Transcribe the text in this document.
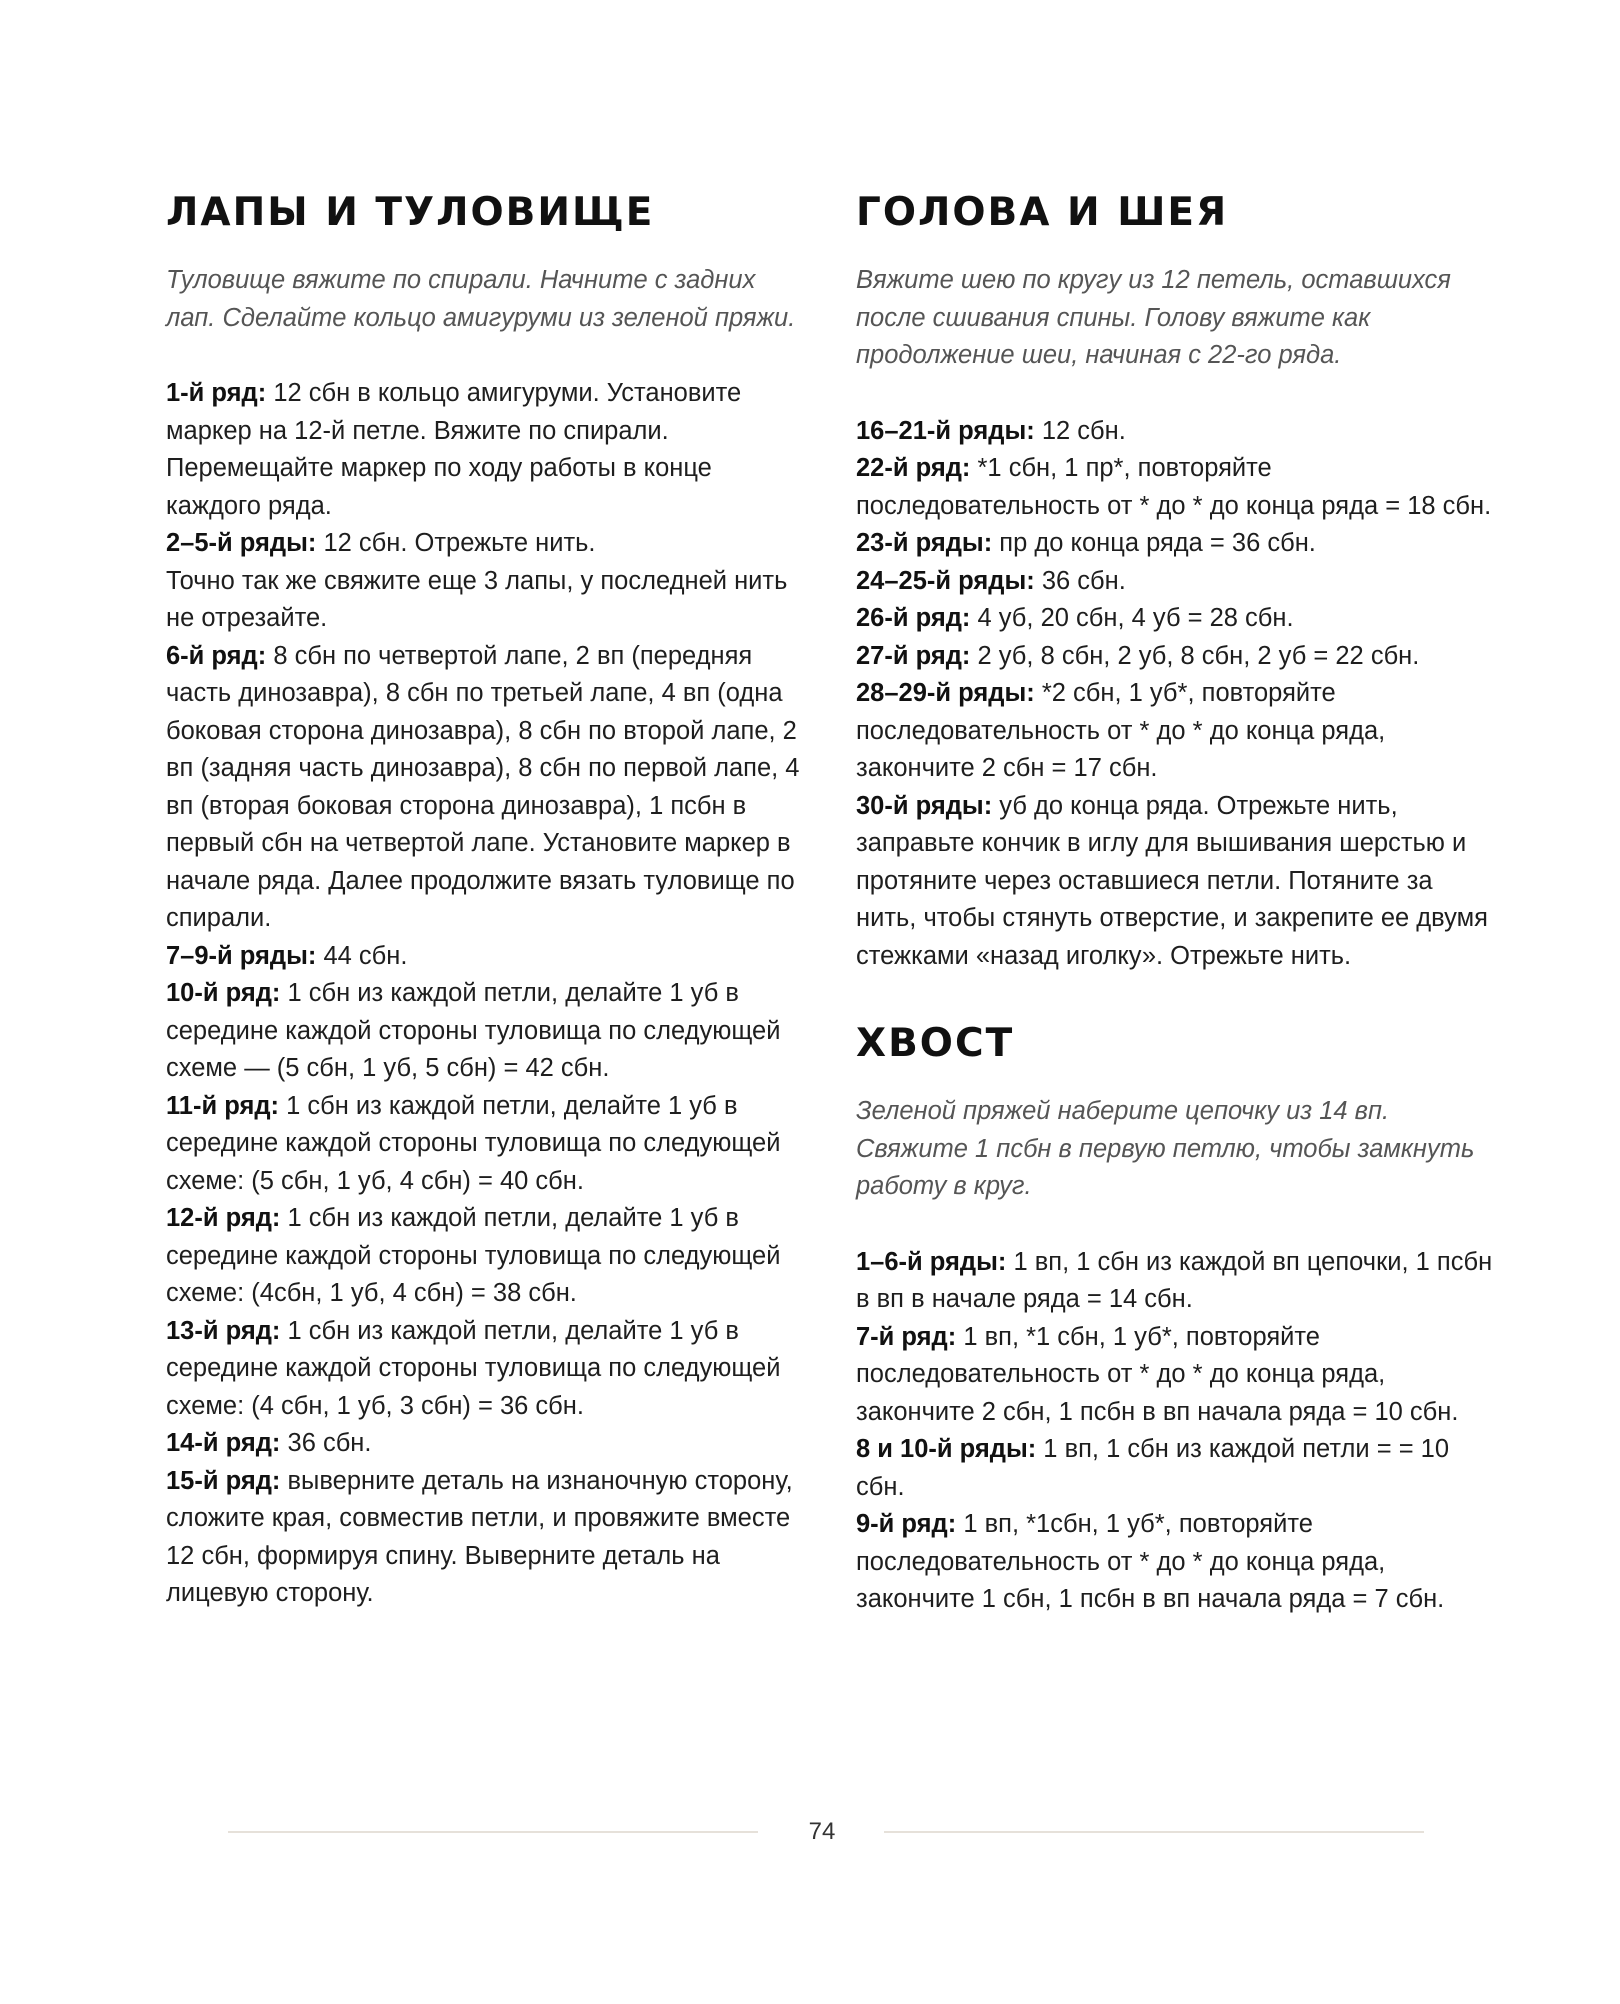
ЛАПЫ И ТУЛОВИЩЕ

Туловище вяжите по спирали. Начните с задних лап. Сделайте кольцо амигуруми из зеленой пряжи.

1-й ряд: 12 сбн в кольцо амигуруми. Установите маркер на 12-й петле. Вяжите по спирали. Перемещайте маркер по ходу работы в конце каждого ряда.

2–5-й ряды: 12 сбн. Отрежьте нить.

Точно так же свяжите еще 3 лапы, у последней нить не отрезайте.

6-й ряд: 8 сбн по четвертой лапе, 2 вп (передняя часть динозавра), 8 сбн по третьей лапе, 4 вп (одна боковая сторона динозавра), 8 сбн по второй лапе, 2 вп (задняя часть динозавра), 8 сбн по первой лапе, 4 вп (вторая боковая сторона динозавра), 1 псбн в первый сбн на четвертой лапе. Установите маркер в начале ряда. Далее продолжите вязать туловище по спирали.

7–9-й ряды: 44 сбн.

10-й ряд: 1 сбн из каждой петли, делайте 1 уб в середине каждой стороны туловища по следующей схеме — (5 сбн, 1 уб, 5 сбн) = 42 сбн.

11-й ряд: 1 сбн из каждой петли, делайте 1 уб в середине каждой стороны туловища по следующей схеме: (5 сбн, 1 уб, 4 сбн) = 40 сбн.

12-й ряд: 1 сбн из каждой петли, делайте 1 уб в середине каждой стороны туловища по следующей схеме: (4сбн, 1 уб, 4 сбн) = 38 сбн.

13-й ряд: 1 сбн из каждой петли, делайте 1 уб в середине каждой стороны туловища по следующей схеме: (4 сбн, 1 уб, 3 сбн) = 36 сбн.

14-й ряд: 36 сбн.

15-й ряд: выверните деталь на изнаночную сторону, сложите края, совместив петли, и провяжите вместе 12 сбн, формируя спину. Выверните деталь на лицевую сторону.

ГОЛОВА И ШЕЯ

Вяжите шею по кругу из 12 петель, оставшихся после сшивания спины. Голову вяжите как продолжение шеи, начиная с 22-го ряда.

16–21-й ряды: 12 сбн.

22-й ряд: *1 сбн, 1 пр*, повторяйте последовательность от * до * до конца ряда = 18 сбн.

23-й ряды: пр до конца ряда = 36 сбн.

24–25-й ряды: 36 сбн.

26-й ряд: 4 уб, 20 сбн, 4 уб = 28 сбн.

27-й ряд: 2 уб, 8 сбн, 2 уб, 8 сбн, 2 уб = 22 сбн.

28–29-й ряды: *2 сбн, 1 уб*, повторяйте последовательность от * до * до конца ряда, закончите 2 сбн = 17 сбн.

30-й ряды: уб до конца ряда. Отрежьте нить, заправьте кончик в иглу для вышивания шерстью и протяните через оставшиеся петли. Потяните за нить, чтобы стянуть отверстие, и закрепите ее двумя стежками «назад иголку». Отрежьте нить.

ХВОСТ

Зеленой пряжей наберите цепочку из 14 вп. Свяжите 1 псбн в первую петлю, чтобы замкнуть работу в круг.

1–6-й ряды: 1 вп, 1 сбн из каждой вп цепочки, 1 псбн в вп в начале ряда = 14 сбн.

7-й ряд: 1 вп, *1 сбн, 1 уб*, повторяйте последовательность от * до * до конца ряда, закончите 2 сбн, 1 псбн в вп начала ряда = 10 сбн.

8 и 10-й ряды: 1 вп, 1 сбн из каждой петли = = 10 сбн.

9-й ряд: 1 вп, *1сбн, 1 уб*, повторяйте последовательность от * до * до конца ряда, закончите 1 сбн, 1 псбн в вп начала ряда = 7 сбн.

74
